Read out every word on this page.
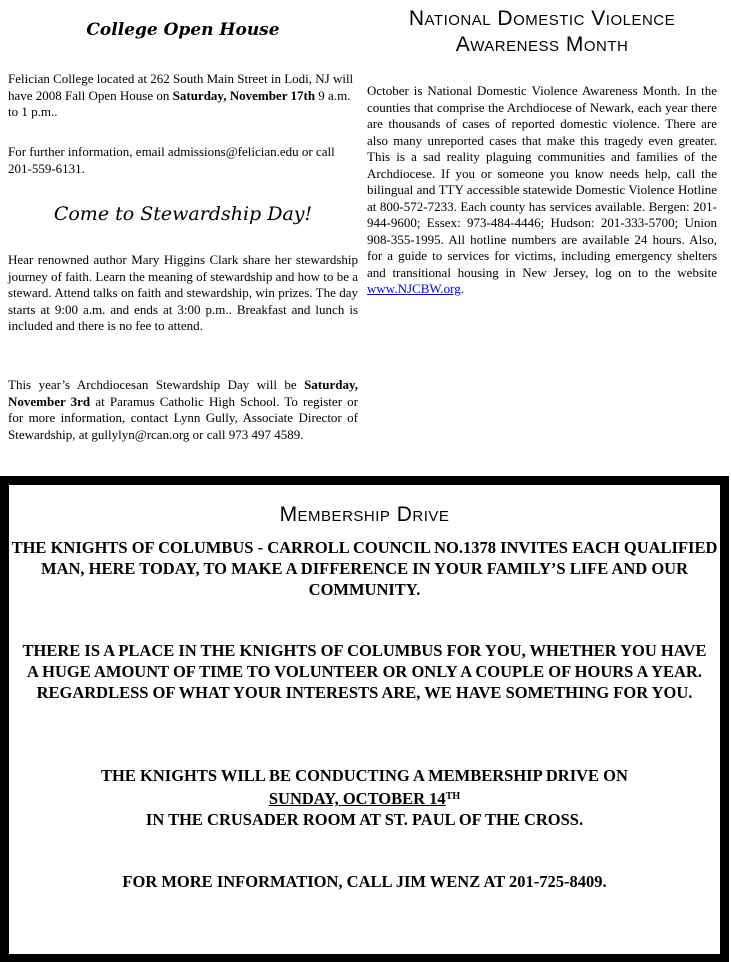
College Open House

Felician College located at 262 South Main Street in Lodi, NJ will have 2008 Fall Open House on Saturday, November 17th 9 a.m. to 1 p.m..

For further information, email admissions@felician.edu or call 201-559-6131.

Come to Stewardship Day!

Hear renowned author Mary Higgins Clark share her stewardship journey of faith. Learn the meaning of stewardship and how to be a steward. Attend talks on faith and stewardship, win prizes. The day starts at 9:00 a.m. and ends at 3:00 p.m.. Breakfast and lunch is included and there is no fee to attend.

This year’s Archdiocesan Stewardship Day will be Saturday, November 3rd at Paramus Catholic High School. To register or for more information, contact Lynn Gully, Associate Director of Stewardship, at gullylyn@rcan.org or call 973 497 4589.

National Domestic Violence
Awareness Month

October is National Domestic Violence Awareness Month. In the counties that comprise the Archdiocese of Newark, each year there are thousands of cases of reported domestic violence. There are also many unreported cases that make this tragedy even greater. This is a sad reality plaguing communities and families of the Archdiocese. If you or someone you know needs help, call the bilingual and TTY accessible statewide Domestic Violence Hotline at 800-572-7233. Each county has services available. Bergen: 201-944-9600; Essex: 973-484-4446; Hudson: 201-333-5700; Union 908-355-1995. All hotline numbers are available 24 hours. Also, for a guide to services for victims, including emergency shelters and transitional housing in New Jersey, log on to the website www.NJCBW.org.

Membership Drive

THE KNIGHTS OF COLUMBUS - CARROLL COUNCIL NO.1378 INVITES EACH QUALIFIED MAN, HERE TODAY, TO MAKE A DIFFERENCE IN YOUR FAMILY’S LIFE AND OUR COMMUNITY.

THERE IS A PLACE IN THE KNIGHTS OF COLUMBUS FOR YOU, WHETHER YOU HAVE A HUGE AMOUNT OF TIME TO VOLUNTEER OR ONLY A COUPLE OF HOURS A YEAR. REGARDLESS OF WHAT YOUR INTERESTS ARE, WE HAVE SOMETHING FOR YOU.

THE KNIGHTS WILL BE CONDUCTING A MEMBERSHIP DRIVE ON
SUNDAY, OCTOBER 14TH
IN THE CRUSADER ROOM AT ST. PAUL OF THE CROSS.

FOR MORE INFORMATION, CALL JIM WENZ AT 201-725-8409.
